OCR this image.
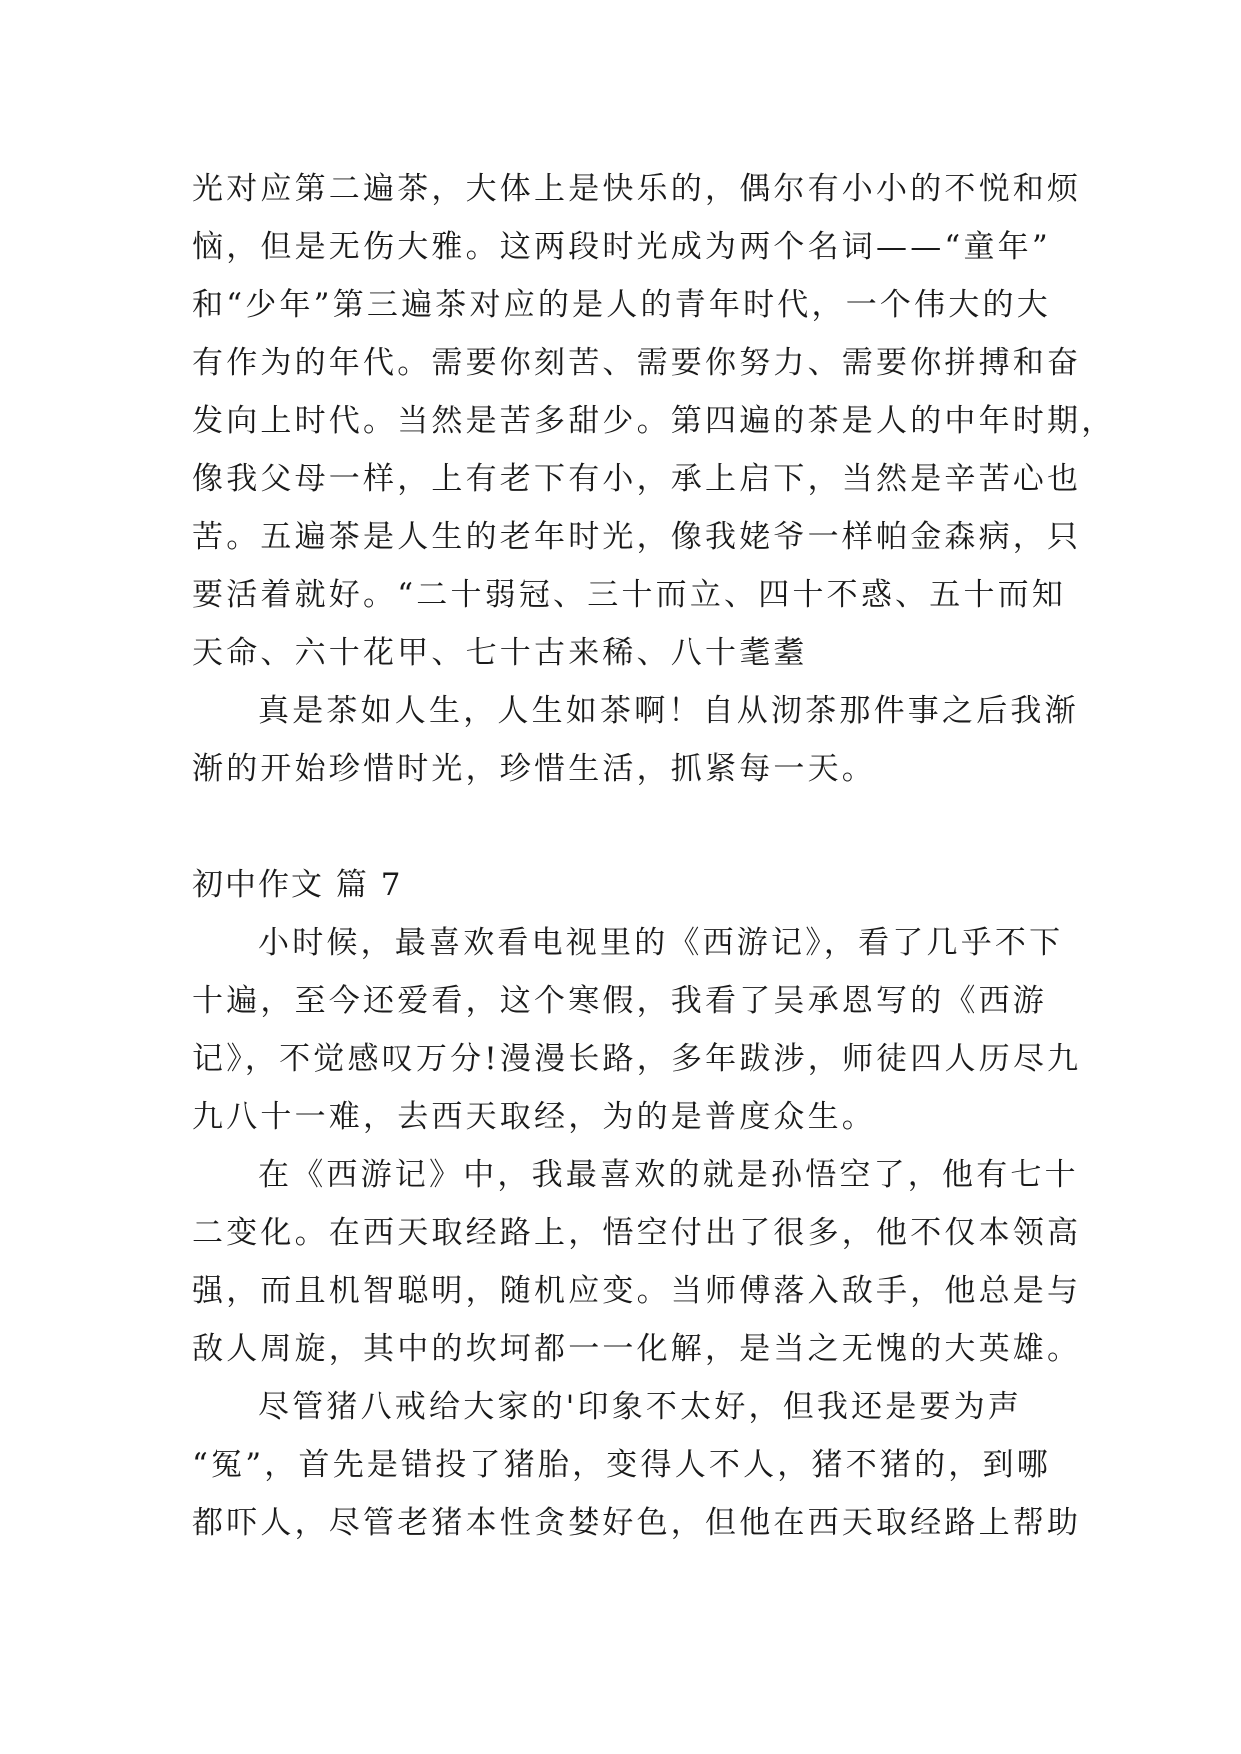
光对应第二遍茶，大体上是快乐的，偶尔有小小的不悦和烦
恼，但是无伤大雅。这两段时光成为两个名词——“童年”
和“少年”第三遍茶对应的是人的青年时代，一个伟大的大
有作为的年代。需要你刻苦、需要你努力、需要你拼搏和奋
发向上时代。当然是苦多甜少。第四遍的茶是人的中年时期，
像我父母一样，上有老下有小，承上启下，当然是辛苦心也
苦。五遍茶是人生的老年时光，像我姥爷一样帕金森病，只
要活着就好。“二十弱冠、三十而立、四十不惑、五十而知
天命、六十花甲、七十古来稀、八十耄耋
真是茶如人生，人生如茶啊！自从沏茶那件事之后我渐
渐的开始珍惜时光，珍惜生活，抓紧每一天。
初中作文 篇 7
小时候，最喜欢看电视里的《西游记》，看了几乎不下
十遍，至今还爱看，这个寒假，我看了吴承恩写的《西游
记》，不觉感叹万分!漫漫长路，多年跋涉，师徒四人历尽九
九八十一难，去西天取经，为的是普度众生。
在《西游记》中，我最喜欢的就是孙悟空了，他有七十
二变化。在西天取经路上，悟空付出了很多，他不仅本领高
强，而且机智聪明，随机应变。当师傅落入敌手，他总是与
敌人周旋，其中的坎坷都一一化解，是当之无愧的大英雄。
尽管猪八戒给大家的'印象不太好，但我还是要为声
“冤”，首先是错投了猪胎，变得人不人，猪不猪的，到哪
都吓人，尽管老猪本性贪婪好色，但他在西天取经路上帮助
